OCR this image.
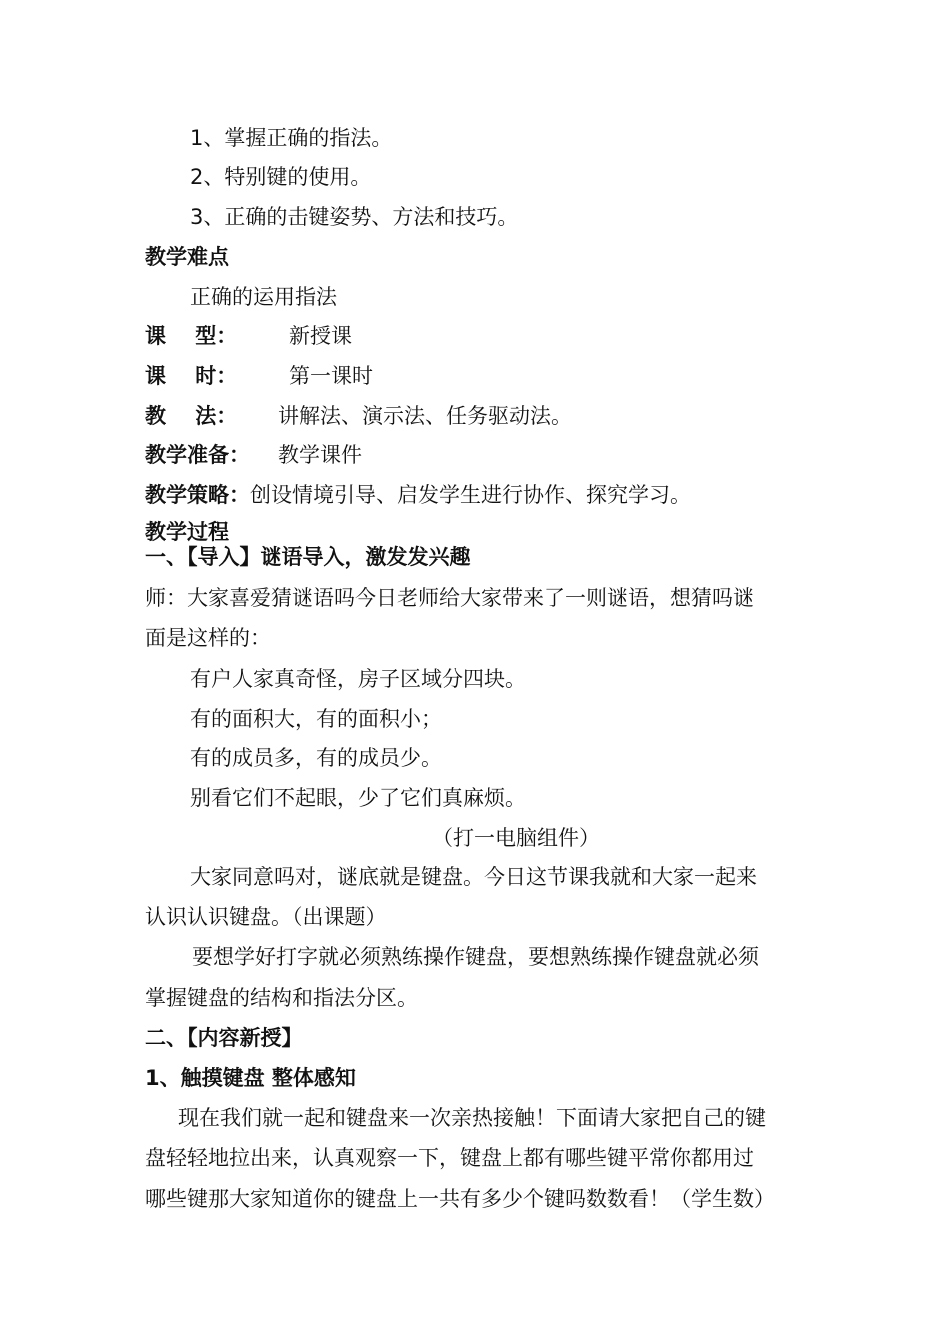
1、掌握正确的指法。
2、特别键的使用。
3、正确的击键姿势、方法和技巧。
教学难点
正确的运用指法
课    型： 新授课
课    时： 第一课时
教    法： 讲解法、演示法、任务驱动法。
教学准备： 教学课件
教学策略：创设情境引导、启发学生进行协作、探究学习。
教学过程
一、【导入】谜语导入，激发发兴趣
师：大家喜爱猜谜语吗今日老师给大家带来了一则谜语，想猜吗谜
面是这样的：
有户人家真奇怪，房子区域分四块。
有的面积大，有的面积小；
有的成员多，有的成员少。
别看它们不起眼，少了它们真麻烦。
（打一电脑组件）
大家同意吗对，谜底就是键盘。今日这节课我就和大家一起来
认识认识键盘。（出课题）
要想学好打字就必须熟练操作键盘，要想熟练操作键盘就必须
掌握键盘的结构和指法分区。
二、【内容新授】
1、触摸键盘 整体感知
现在我们就一起和键盘来一次亲热接触！下面请大家把自己的键
盘轻轻地拉出来，认真观察一下，键盘上都有哪些键平常你都用过
哪些键那大家知道你的键盘上一共有多少个键吗数数看！（学生数）
